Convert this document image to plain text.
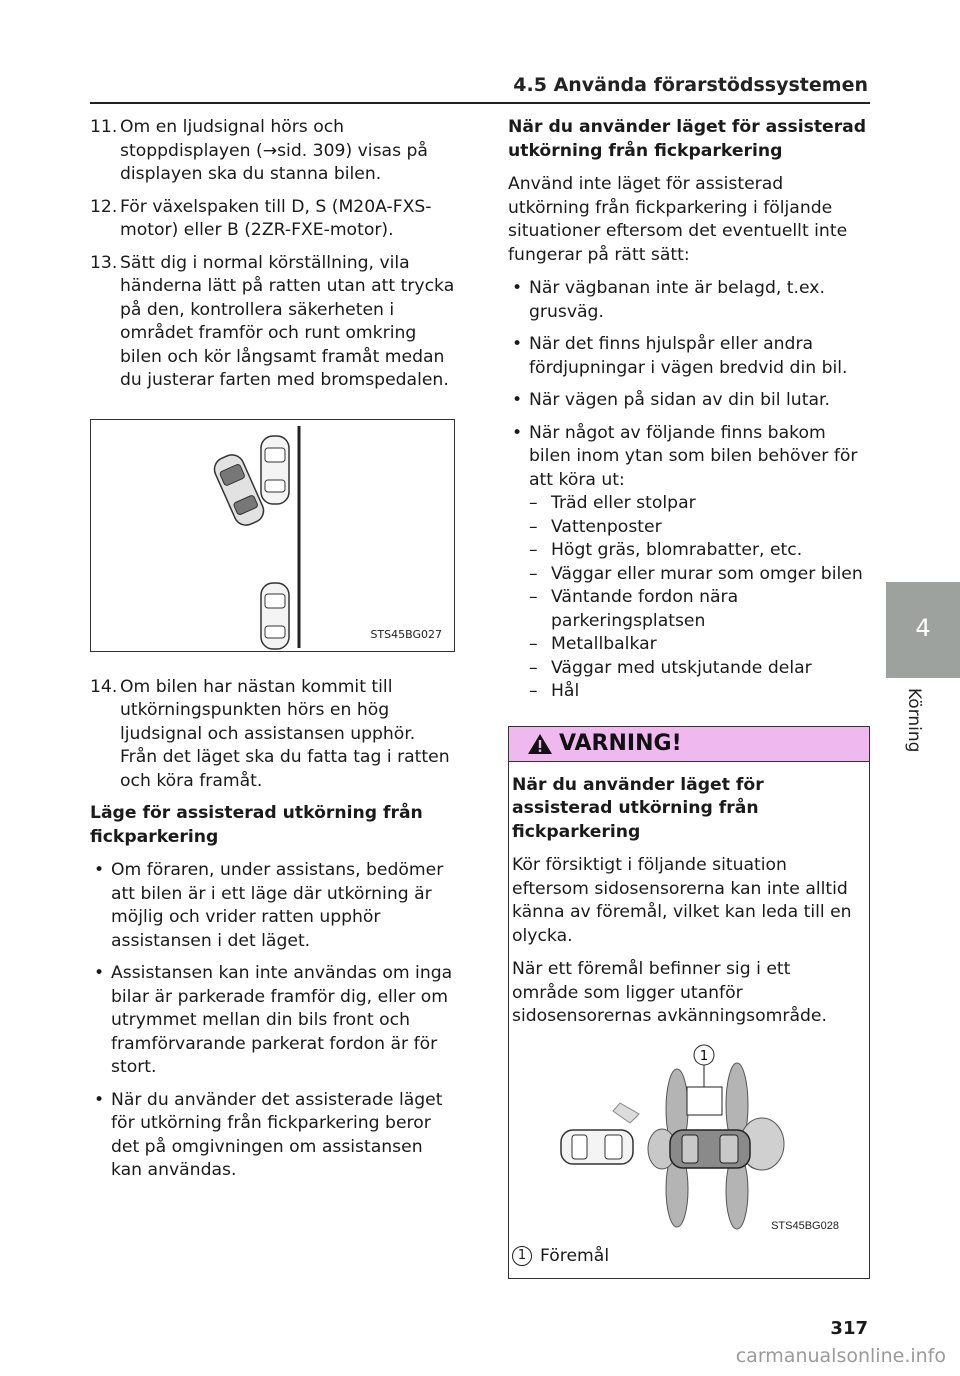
4.5 Använda förarstödssystemen
11. Om en ljudsignal hörs och stoppdisplayen (→sid. 309) visas på displayen ska du stanna bilen.
12. För växelspaken till D, S (M20A-FXS-motor) eller B (2ZR-FXE-motor).
13. Sätt dig i normal körställning, vila händerna lätt på ratten utan att trycka på den, kontrollera säkerheten i området framför och runt omkring bilen och kör långsamt framåt medan du justerar farten med bromspedalen.
STS45BG027
14. Om bilen har nästan kommit till utkörningspunkten hörs en hög ljudsignal och assistansen upphör. Från det läget ska du fatta tag i ratten och köra framåt.
Läge för assisterad utkörning från fickparkering
• Om föraren, under assistans, bedömer att bilen är i ett läge där utkörning är möjlig och vrider ratten upphör assistansen i det läget.
• Assistansen kan inte användas om inga bilar är parkerade framför dig, eller om utrymmet mellan din bils front och framförvarande parkerat fordon är för stort.
• När du använder det assisterade läget för utkörning från fickparkering beror det på omgivningen om assistansen kan användas.
När du använder läget för assisterad utkörning från fickparkering
Använd inte läget för assisterad utkörning från fickparkering i följande situationer eftersom det eventuellt inte fungerar på rätt sätt:
• När vägbanan inte är belagd, t.ex. grusväg.
• När det finns hjulspår eller andra fördjupningar i vägen bredvid din bil.
• När vägen på sidan av din bil lutar.
• När något av följande finns bakom bilen inom ytan som bilen behöver för att köra ut:
– Träd eller stolpar
– Vattenposter
– Högt gräs, blomrabatter, etc.
– Väggar eller murar som omger bilen
– Väntande fordon nära parkeringsplatsen
– Metallbalkar
– Väggar med utskjutande delar
– Hål
VARNING!
När du använder läget för assisterad utkörning från fickparkering
Kör försiktigt i följande situation eftersom sidosensorerna kan inte alltid känna av föremål, vilket kan leda till en olycka.
När ett föremål befinner sig i ett område som ligger utanför sidosensorernas avkänningsområde.
1
STS45BG028
1 Föremål
4
Körning
317
carmanualsonline.info
